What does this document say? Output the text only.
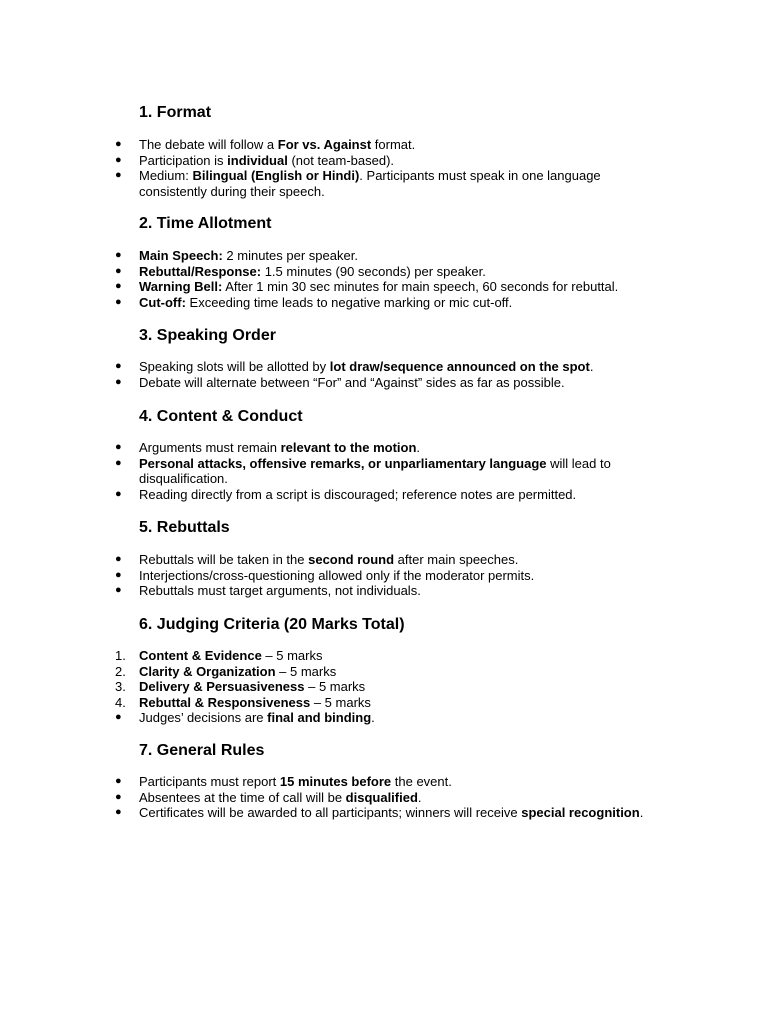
1. Format
●	The debate will follow a For vs. Against format.
●	Participation is individual (not team-based).
●	Medium: Bilingual (English or Hindi). Participants must speak in one language consistently during their speech.
2. Time Allotment
●	Main Speech: 2 minutes per speaker.
●	Rebuttal/Response: 1.5 minutes (90 seconds) per speaker.
●	Warning Bell: After 1 min 30 sec minutes for main speech, 60 seconds for rebuttal.
●	Cut-off: Exceeding time leads to negative marking or mic cut-off.
3. Speaking Order
●	Speaking slots will be allotted by lot draw/sequence announced on the spot.
●	Debate will alternate between “For” and “Against” sides as far as possible.
4. Content & Conduct
●	Arguments must remain relevant to the motion.
●	Personal attacks, offensive remarks, or unparliamentary language will lead to disqualification.
●	Reading directly from a script is discouraged; reference notes are permitted.
5. Rebuttals
●	Rebuttals will be taken in the second round after main speeches.
●	Interjections/cross-questioning allowed only if the moderator permits.
●	Rebuttals must target arguments, not individuals.
6. Judging Criteria (20 Marks Total)
1.	Content & Evidence – 5 marks
2.	Clarity & Organization – 5 marks
3.	Delivery & Persuasiveness – 5 marks
4.	Rebuttal & Responsiveness – 5 marks
●	Judges’ decisions are final and binding.
7. General Rules
●	Participants must report 15 minutes before the event.
●	Absentees at the time of call will be disqualified.
●	Certificates will be awarded to all participants; winners will receive special recognition.
